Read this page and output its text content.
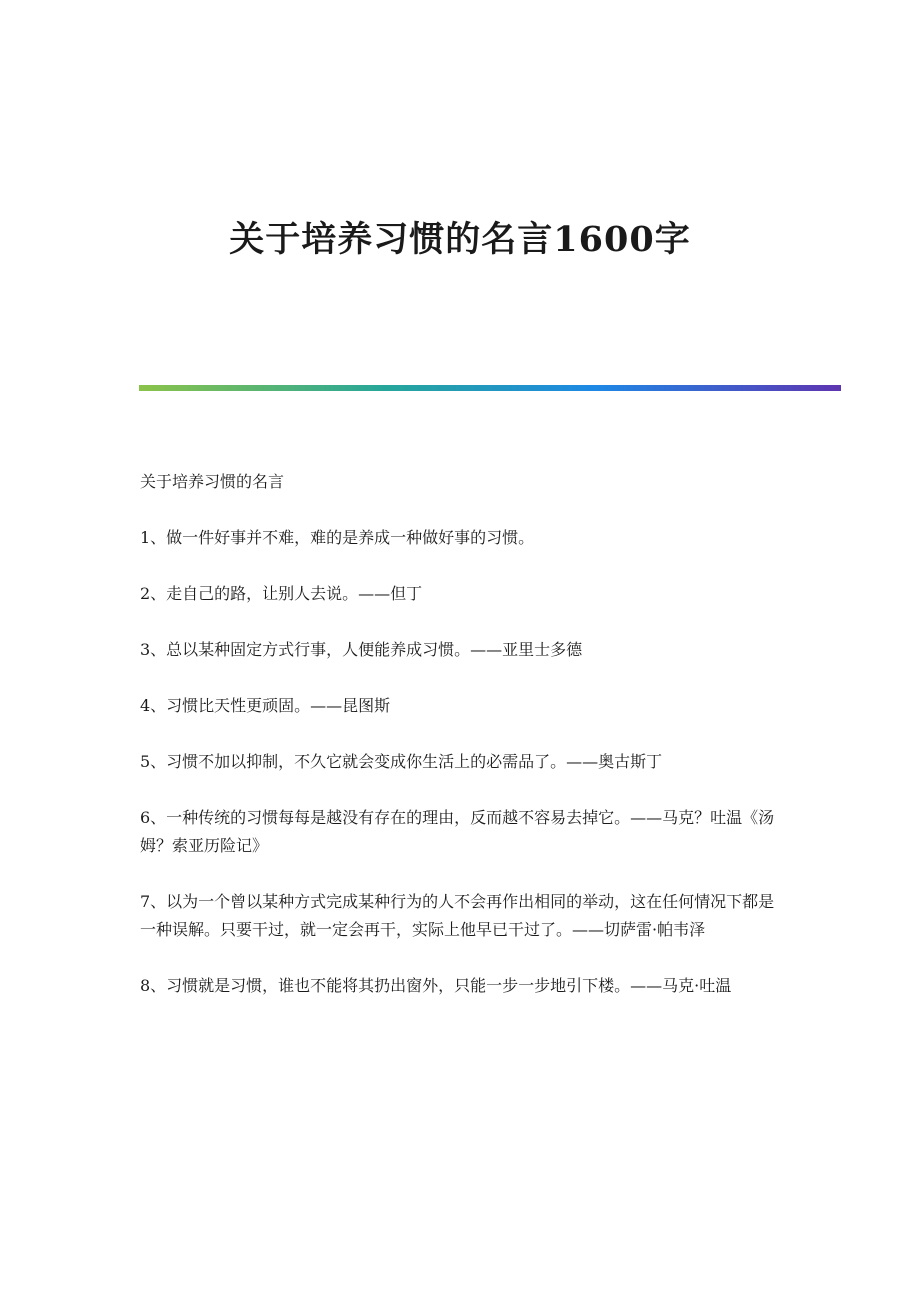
关于培养习惯的名言1600字

关于培养习惯的名言

1、做一件好事并不难，难的是养成一种做好事的习惯。

2、走自己的路，让别人去说。——但丁

3、总以某种固定方式行事，人便能养成习惯。——亚里士多德

4、习惯比天性更顽固。——昆图斯

5、习惯不加以抑制，不久它就会变成你生活上的必需品了。——奥古斯丁

6、一种传统的习惯每每是越没有存在的理由，反而越不容易去掉它。——马克？吐温《汤姆？索亚历险记》

7、以为一个曾以某种方式完成某种行为的人不会再作出相同的举动，这在任何情况下都是一种误解。只要干过，就一定会再干，实际上他早已干过了。——切萨雷·帕韦泽

8、习惯就是习惯，谁也不能将其扔出窗外，只能一步一步地引下楼。——马克·吐温
